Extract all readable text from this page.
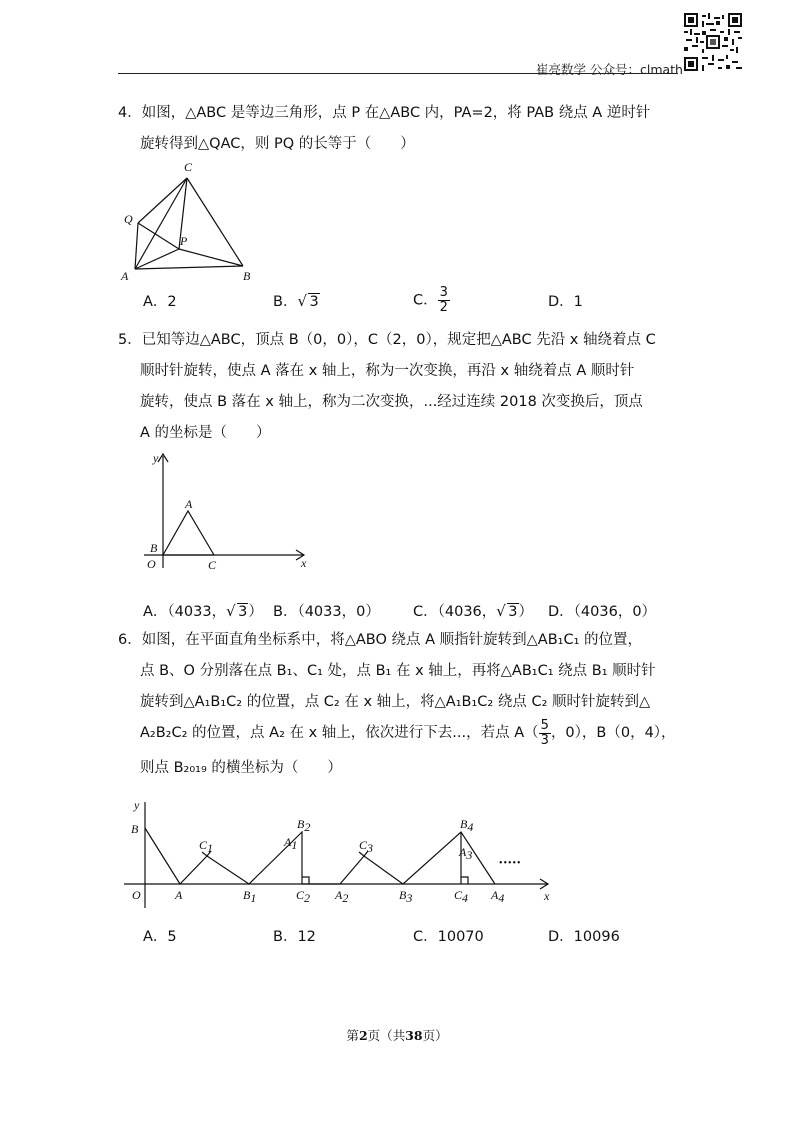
崔亮数学 公众号：clmath
4．如图，△ABC 是等边三角形，点 P 在△ABC 内，PA=2，将 PAB 绕点 A 逆时针
旋转得到△QAC，则 PQ 的长等于（　　）
C
Q
P
A	B
A．2	B． √ 3	C． $\frac{3}{2}$	D．1
5．已知等边△ABC，顶点 B（0，0），C（2，0），规定把△ABC 先沿 x 轴绕着点 C
顺时针旋转，使点 A 落在 x 轴上，称为一次变换，再沿 x 轴绕着点 A 顺时针
旋转，使点 B 落在 x 轴上，称为二次变换，...经过连续 2018 次变换后，顶点
A 的坐标是（　　）
y
x
A
B
O	C
A．（4033， √ 3） B．（4033，0） C．（4036， √ 3） D．（4036，0）
6．如图，在平面直角坐标系中，将△ABO 绕点 A 顺指针旋转到△AB₁C₁ 的位置，
点 B、O 分别落在点 B₁、C₁ 处，点 B₁ 在 x 轴上，再将△AB₁C₁ 绕点 B₁ 顺时针
旋转到△A₁B₁C₂ 的位置，点 C₂ 在 x 轴上，将△A₁B₁C₂ 绕点 C₂ 顺时针旋转到△
A₂B₂C₂ 的位置，点 A₂ 在 x 轴上，依次进行下去...，若点 $A( \frac{5}{3}$ ，0），B（0，4），
则点 B₂₀₁₉ 的横坐标为（　　）
y
x
B
O	A
C1
B1
B2
A1
C2 A2
C3
B3
B4
A3
C4 A4
•••••
A．5	B．12	C．10070	D．10096
第2页（共38页）
